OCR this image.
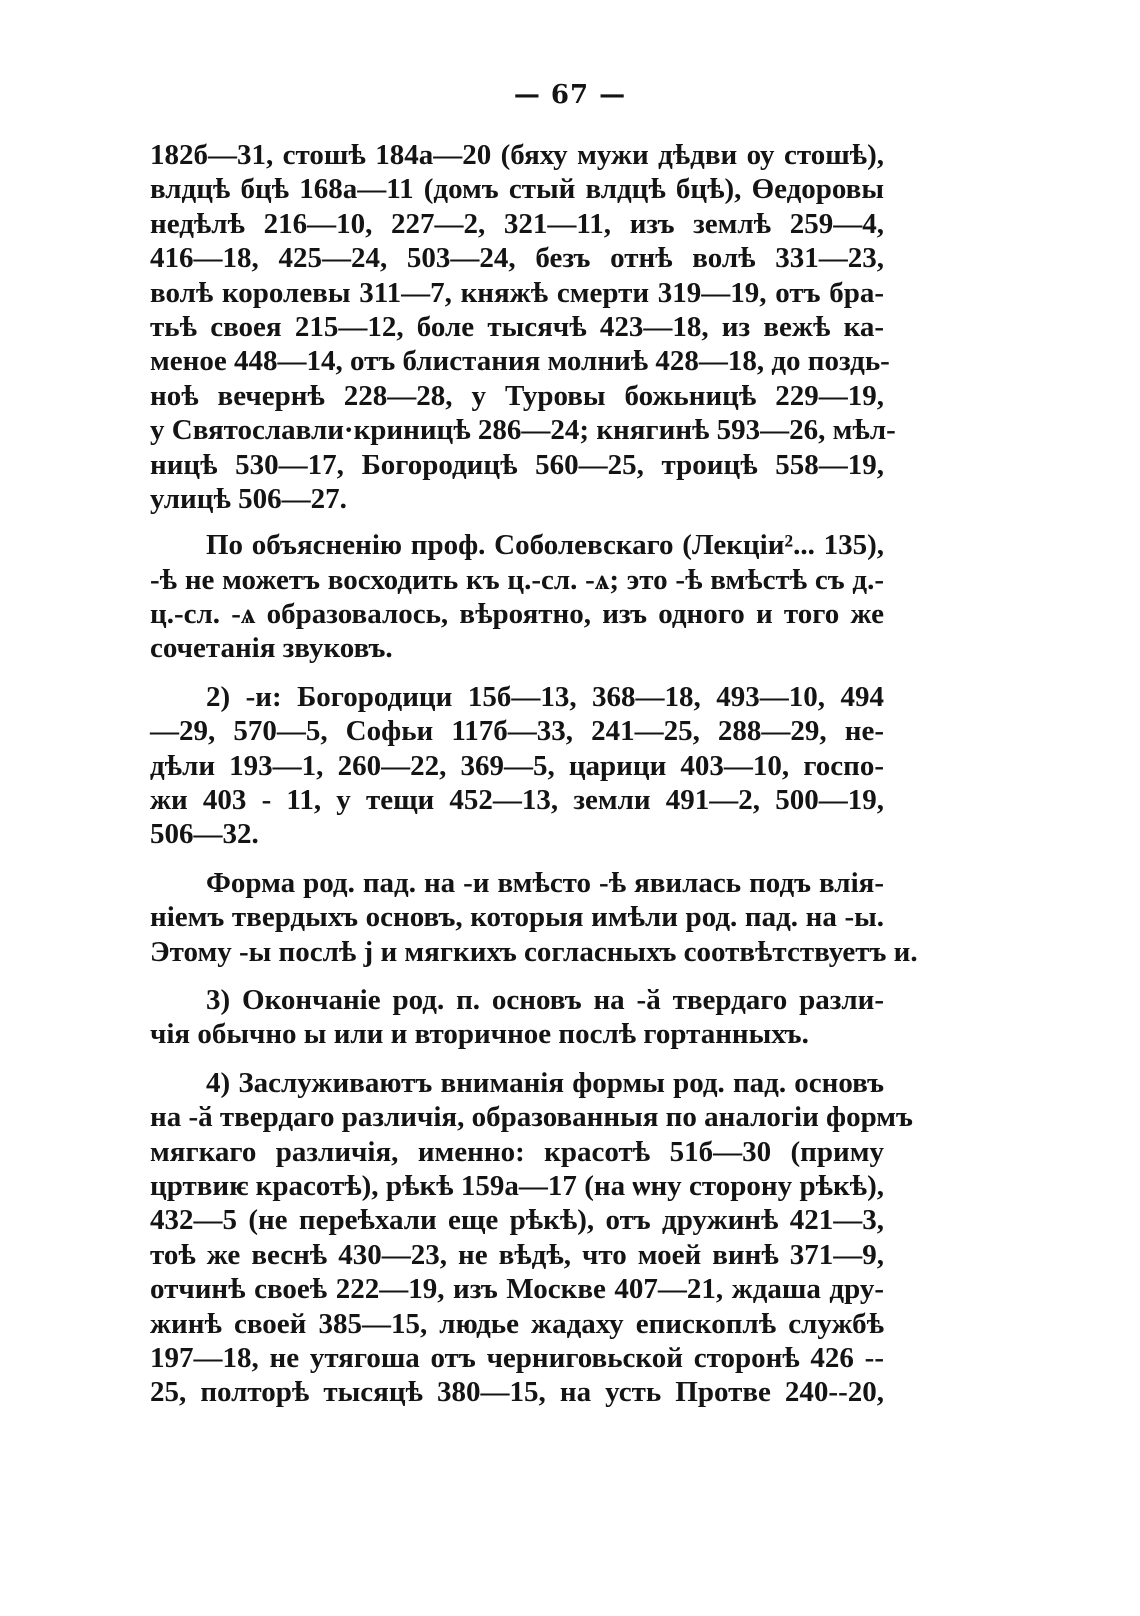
— 67 —
182б—31, стошѣ 184а—20 (бяху мужи дѣдви оу стошѣ),
влдцѣ бцѣ 168а—11 (домъ стый влдцѣ бцѣ), Өедоровы
недѣлѣ 216—10, 227—2, 321—11, изъ землѣ 259—4,
416—18, 425—24, 503—24, безъ отнѣ волѣ 331—23,
волѣ королевы 311—7, княжѣ смерти 319—19, отъ бра-
тьѣ своея 215—12, боле тысячѣ 423—18, из вежѣ ка-
меное 448—14, отъ блистания молниѣ 428—18, до поздь-
ноѣ вечернѣ 228—28, у Туровы божьницѣ 229—19,
у Святославли·криницѣ 286—24; княгинѣ 593—26, мѣл-
ницѣ 530—17, Богородицѣ 560—25, троицѣ 558—19,
улицѣ 506—27.
По объясненію проф. Соболевскаго (Лекціи²... 135),
-ѣ не можетъ восходить къ ц.-сл. -ѧ; это -ѣ вмѣстѣ съ д.-
ц.-сл. -ѧ образовалось, вѣроятно, изъ одного и того же
сочетанія звуковъ.
2) -и: Богородици 15б—13, 368—18, 493—10, 494
—29, 570—5, Софьи 117б—33, 241—25, 288—29, не-
дѣли 193—1, 260—22, 369—5, царици 403—10, госпо-
жи 403 - 11, у тещи 452—13, земли 491—2, 500—19,
506—32.
Форма род. пад. на -и вмѣсто -ѣ явилась подъ влія-
ніемъ твердыхъ основъ, которыя имѣли род. пад. на -ы.
Этому -ы послѣ j и мягкихъ согласныхъ соотвѣтствуетъ и.
3) Окончаніе род. п. основъ на -ӑ твердаго разли-
чія обычно ы или и вторичное послѣ гортанныхъ.
4) Заслуживаютъ вниманія формы род. пад. основъ
на -ӑ твердаго различія, образованныя по аналогіи формъ
мягкаго различія, именно: красотѣ 51б—30 (приму
цртвиѥ красотѣ), рѣкѣ 159а—17 (на ѡну сторону рѣкѣ),
432—5 (не переѣхали еще рѣкѣ), отъ дружинѣ 421—3,
тоѣ же веснѣ 430—23, не вѣдѣ, что моей винѣ 371—9,
отчинѣ своеѣ 222—19, изъ Москве 407—21, ждаша дру-
жинѣ своей 385—15, людье жадаху епископлѣ службѣ
197—18, не утягоша отъ черниговьской сторонѣ 426 --
25, полторѣ тысяцѣ 380—15, на усть Протве 240--20,
